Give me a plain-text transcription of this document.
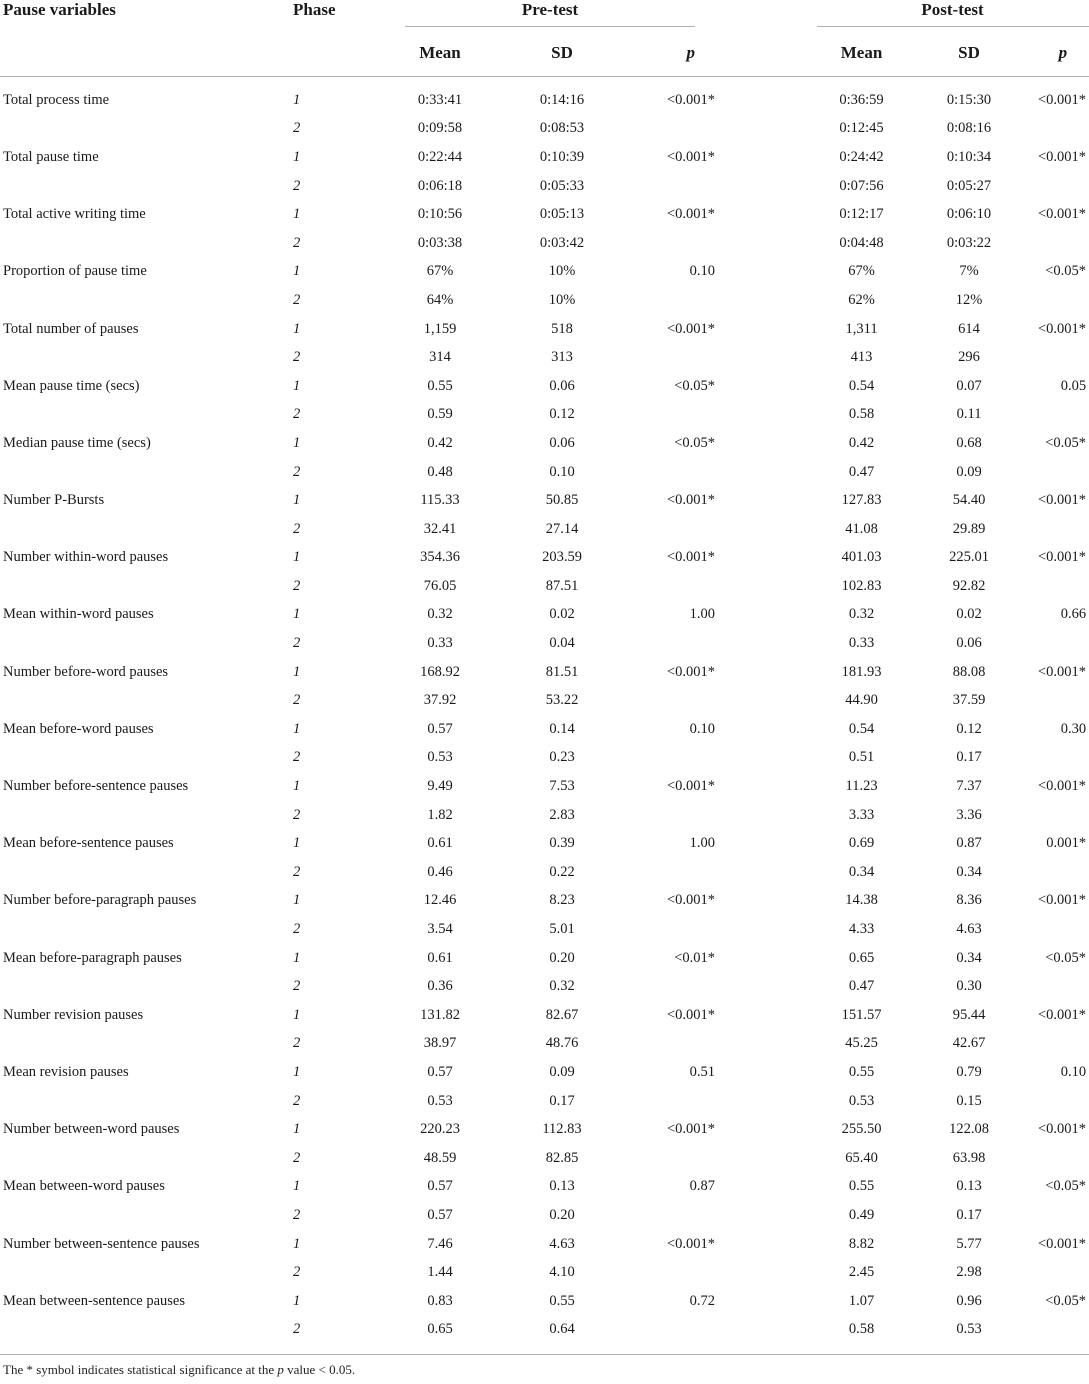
Pause variables	Phase	Pre-test				Post-test		
		Mean	SD	p		Mean	SD	p
Total process time	1	0:33:41	0:14:16	<0.001*		0:36:59	0:15:30	<0.001*
	2	0:09:58	0:08:53			0:12:45	0:08:16	
Total pause time	1	0:22:44	0:10:39	<0.001*		0:24:42	0:10:34	<0.001*
	2	0:06:18	0:05:33			0:07:56	0:05:27	
Total active writing time	1	0:10:56	0:05:13	<0.001*		0:12:17	0:06:10	<0.001*
	2	0:03:38	0:03:42			0:04:48	0:03:22	
Proportion of pause time	1	67%	10%	0.10		67%	7%	<0.05*
	2	64%	10%			62%	12%	
Total number of pauses	1	1,159	518	<0.001*		1,311	614	<0.001*
	2	314	313			413	296	
Mean pause time (secs)	1	0.55	0.06	<0.05*		0.54	0.07	0.05
	2	0.59	0.12			0.58	0.11	
Median pause time (secs)	1	0.42	0.06	<0.05*		0.42	0.68	<0.05*
	2	0.48	0.10			0.47	0.09	
Number P-Bursts	1	115.33	50.85	<0.001*		127.83	54.40	<0.001*
	2	32.41	27.14			41.08	29.89	
Number within-word pauses	1	354.36	203.59	<0.001*		401.03	225.01	<0.001*
	2	76.05	87.51			102.83	92.82	
Mean within-word pauses	1	0.32	0.02	1.00		0.32	0.02	0.66
	2	0.33	0.04			0.33	0.06	
Number before-word pauses	1	168.92	81.51	<0.001*		181.93	88.08	<0.001*
	2	37.92	53.22			44.90	37.59	
Mean before-word pauses	1	0.57	0.14	0.10		0.54	0.12	0.30
	2	0.53	0.23			0.51	0.17	
Number before-sentence pauses	1	9.49	7.53	<0.001*		11.23	7.37	<0.001*
	2	1.82	2.83			3.33	3.36	
Mean before-sentence pauses	1	0.61	0.39	1.00		0.69	0.87	0.001*
	2	0.46	0.22			0.34	0.34	
Number before-paragraph pauses	1	12.46	8.23	<0.001*		14.38	8.36	<0.001*
	2	3.54	5.01			4.33	4.63	
Mean before-paragraph pauses	1	0.61	0.20	<0.01*		0.65	0.34	<0.05*
	2	0.36	0.32			0.47	0.30	
Number revision pauses	1	131.82	82.67	<0.001*		151.57	95.44	<0.001*
	2	38.97	48.76			45.25	42.67	
Mean revision pauses	1	0.57	0.09	0.51		0.55	0.79	0.10
	2	0.53	0.17			0.53	0.15	
Number between-word pauses	1	220.23	112.83	<0.001*		255.50	122.08	<0.001*
	2	48.59	82.85			65.40	63.98	
Mean between-word pauses	1	0.57	0.13	0.87		0.55	0.13	<0.05*
	2	0.57	0.20			0.49	0.17	
Number between-sentence pauses	1	7.46	4.63	<0.001*		8.82	5.77	<0.001*
	2	1.44	4.10			2.45	2.98	
Mean between-sentence pauses	1	0.83	0.55	0.72		1.07	0.96	<0.05*
	2	0.65	0.64			0.58	0.53	

The * symbol indicates statistical significance at the p value < 0.05.
